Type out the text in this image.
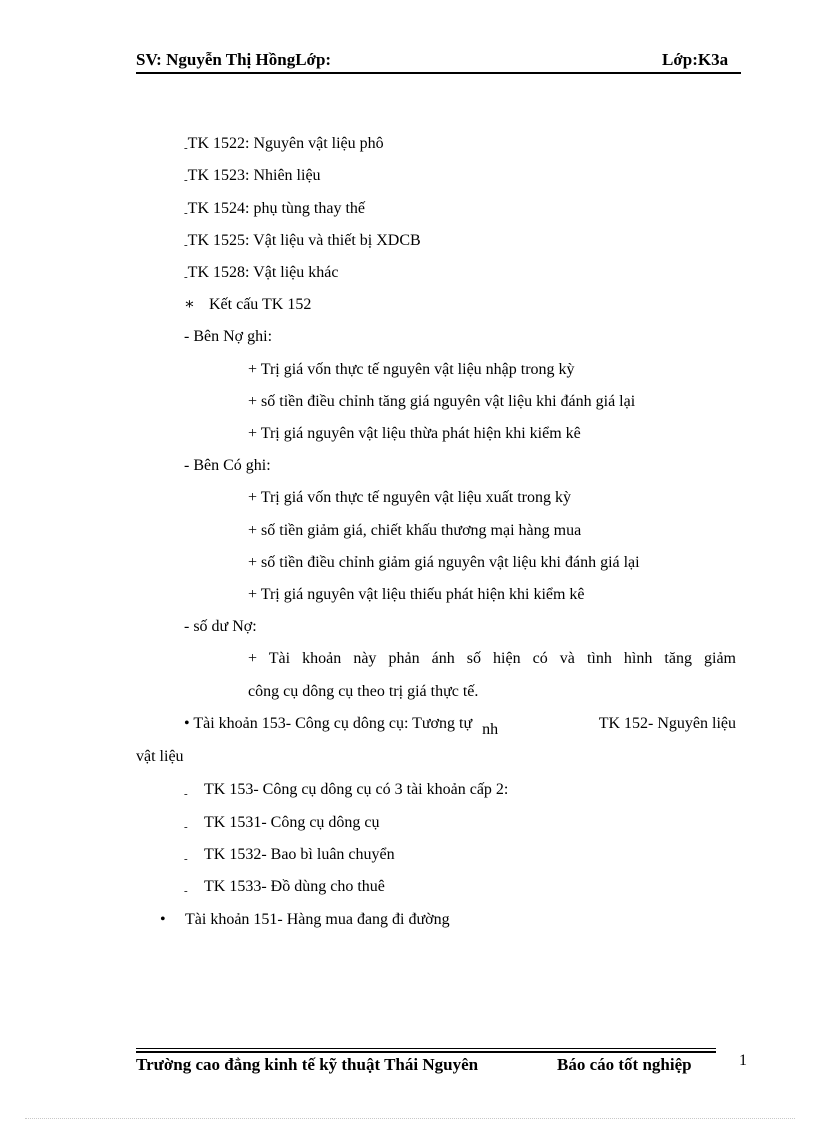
SV: Nguyễn Thị HồngLớp:	Lớp:K3a
-TK 1522: Nguyên vật liệu phô
-TK 1523: Nhiên liệu
-TK 1524: phụ tùng thay thế
-TK 1525: Vật liệu và thiết bị XDCB
-TK 1528: Vật liệu khác
∗ Kết cấu TK 152
- Bên Nợ ghi:
+ Trị giá vốn thực tế nguyên vật liệu nhập trong kỳ
+ số tiền điều chỉnh tăng giá nguyên vật liệu khi đánh giá lại
+ Trị giá nguyên vật liệu thừa phát hiện khi kiểm kê
- Bên Có ghi:
+ Trị giá vốn thực tế nguyên vật liệu xuất trong kỳ
+ số tiền giảm giá, chiết khấu thương mại hàng mua
+ số tiền điều chỉnh giảm giá nguyên vật liệu khi đánh giá lại
+ Trị giá nguyên vật liệu thiếu phát hiện khi kiểm kê
- số dư Nợ:
+ Tài khoản này phản ánh số hiện có và tình hình tăng giảm
công cụ dông cụ theo trị giá thực tế.
• Tài khoản 153- Công cụ dông cụ: Tương tự nh	TK 152- Nguyên liệu
vật liệu
- TK 153- Công cụ dông cụ có 3 tài khoản cấp 2:
- TK 1531- Công cụ dông cụ
- TK 1532- Bao bì luân chuyển
- TK 1533- Đồ dùng cho thuê
• Tài khoản 151- Hàng mua đang đi đường
Trường cao đẳng kinh tế kỹ thuật Thái Nguyên	Báo cáo tốt nghiệp	1
